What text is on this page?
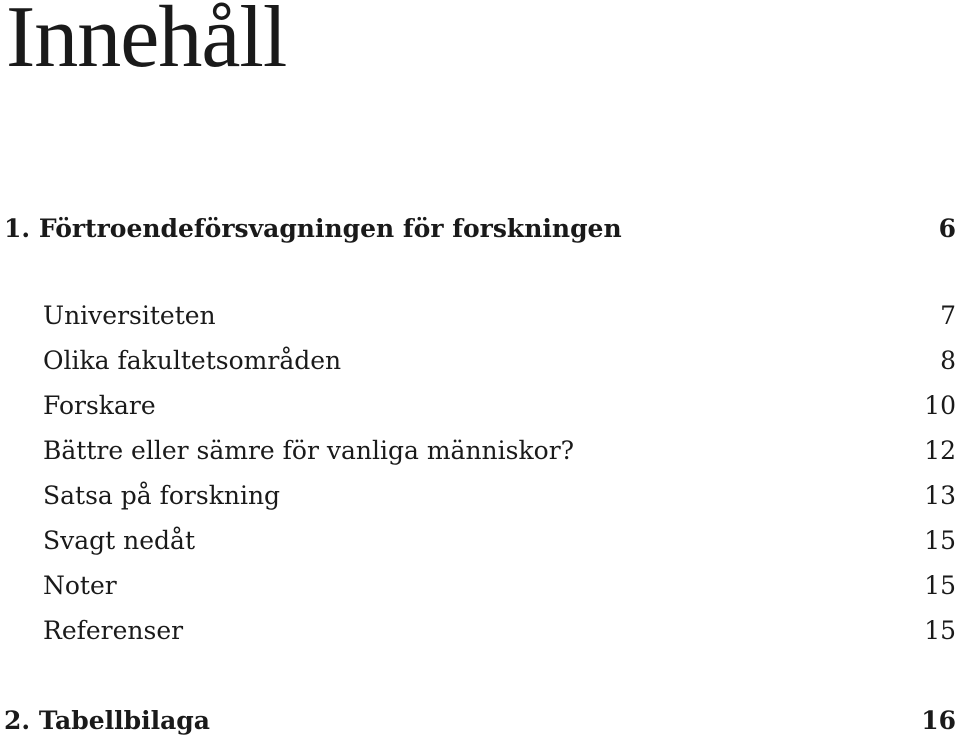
Innehåll
1. Förtroendeförsvagningen för forskningen	6
Universiteten	7
Olika fakultetsområden	8
Forskare	10
Bättre eller sämre för vanliga människor?	12
Satsa på forskning	13
Svagt nedåt	15
Noter	15
Referenser	15
2. Tabellbilaga	16
